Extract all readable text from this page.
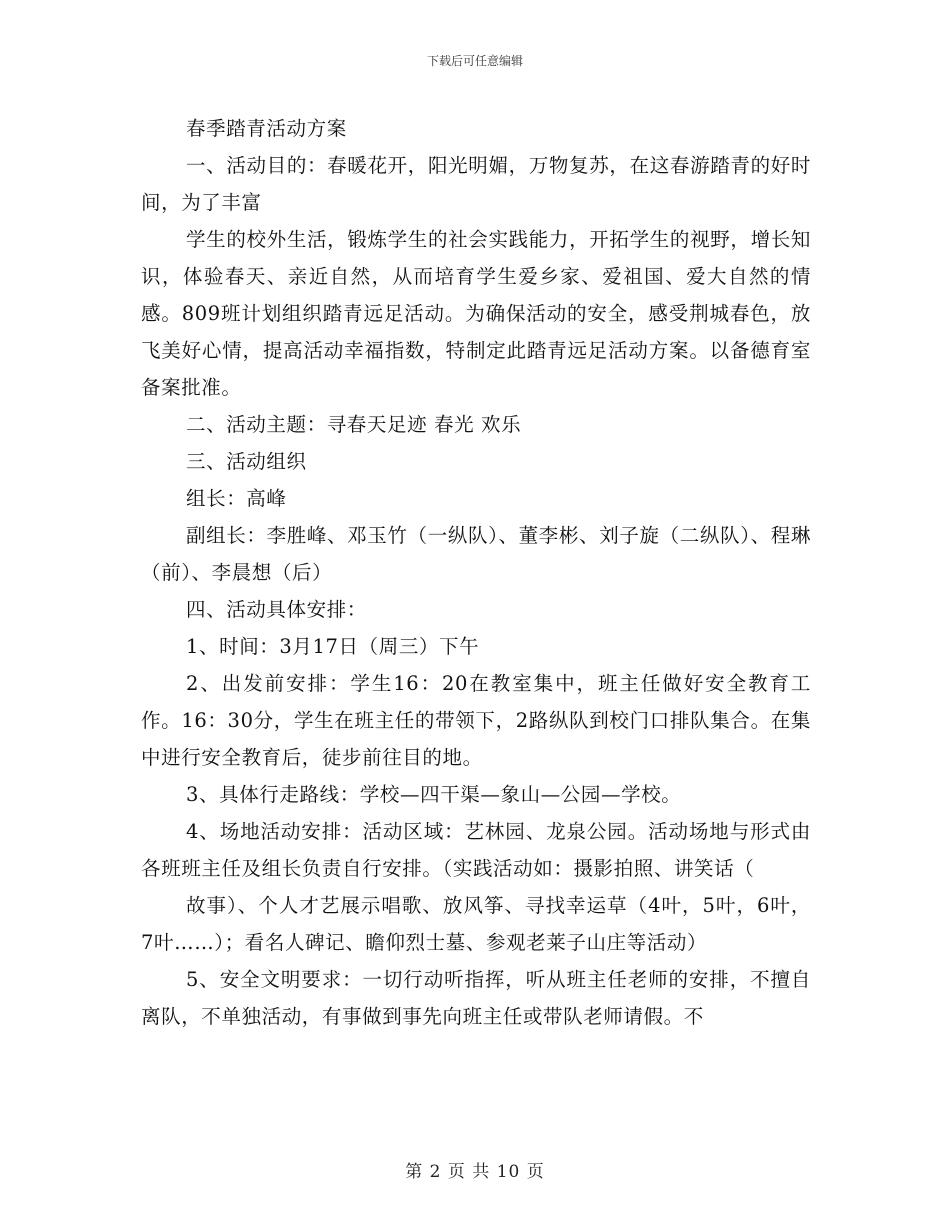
下载后可任意编辑

春季踏青活动方案

一、活动目的：春暖花开，阳光明媚，万物复苏，在这春游踏青的好时间，为了丰富

学生的校外生活，锻炼学生的社会实践能力，开拓学生的视野，增长知识，体验春天、亲近自然，从而培育学生爱乡家、爱祖国、爱大自然的情感。809班计划组织踏青远足活动。为确保活动的安全，感受荆城春色，放飞美好心情，提高活动幸福指数，特制定此踏青远足活动方案。以备德育室备案批准。

二、活动主题：寻春天足迹 春光 欢乐

三、活动组织

组长：高峰

副组长：李胜峰、邓玉竹（一纵队）、董李彬、刘子旋（二纵队）、程琳（前）、李晨想（后）

四、活动具体安排：

1、时间：3月17日（周三）下午

2、出发前安排：学生16：20在教室集中，班主任做好安全教育工作。16：30分，学生在班主任的带领下，2路纵队到校门口排队集合。在集中进行安全教育后，徒步前往目的地。

3、具体行走路线：学校—四干渠—象山—公园—学校。

4、场地活动安排：活动区域：艺林园、龙泉公园。活动场地与形式由各班班主任及组长负责自行安排。（实践活动如：摄影拍照、讲笑话（

故事）、个人才艺展示唱歌、放风筝、寻找幸运草（4叶，5叶，6叶，7叶……）；看名人碑记、瞻仰烈士墓、参观老莱子山庄等活动）

5、安全文明要求：一切行动听指挥，听从班主任老师的安排，不擅自离队，不单独活动，有事做到事先向班主任或带队老师请假。不

第 2 页 共 10 页
